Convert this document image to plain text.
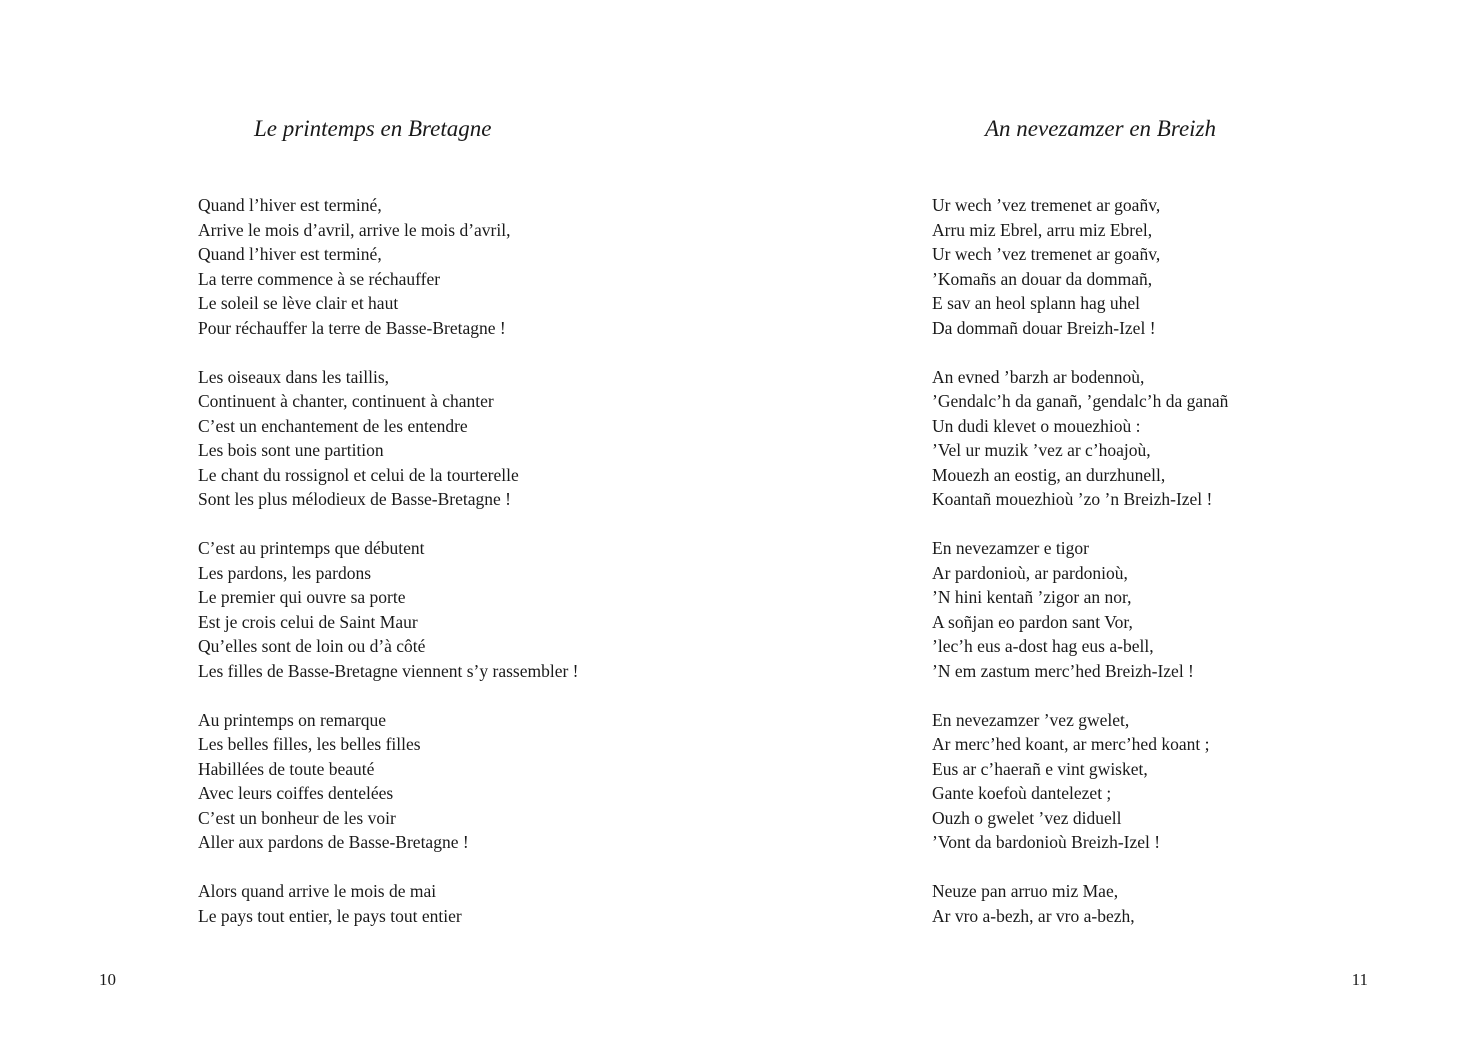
Le printemps en Bretagne

Quand l’hiver est terminé,
Arrive le mois d’avril, arrive le mois d’avril,
Quand l’hiver est terminé,
La terre commence à se réchauffer
Le soleil se lève clair et haut
Pour réchauffer la terre de Basse-Bretagne !

Les oiseaux dans les taillis,
Continuent à chanter, continuent à chanter
C’est un enchantement de les entendre
Les bois sont une partition
Le chant du rossignol et celui de la tourterelle
Sont les plus mélodieux de Basse-Bretagne !

C’est au printemps que débutent
Les pardons, les pardons
Le premier qui ouvre sa porte
Est je crois celui de Saint Maur
Qu’elles sont de loin ou d’à côté
Les filles de Basse-Bretagne viennent s’y rassembler !

Au printemps on remarque
Les belles filles, les belles filles
Habillées de toute beauté
Avec leurs coiffes dentelées
C’est un bonheur de les voir
Aller aux pardons de Basse-Bretagne !

Alors quand arrive le mois de mai
Le pays tout entier, le pays tout entier

10
An nevezamzer en Breizh

Ur wech ’vez tremenet ar goañv,
Arru miz Ebrel, arru miz Ebrel,
Ur wech ’vez tremenet ar goañv,
’Komañs an douar da dommañ,
E sav an heol splann hag uhel
Da dommañ douar Breizh-Izel !

An evned ’barzh ar bodennoù,
’Gendalc’h da ganañ, ’gendalc’h da ganañ
Un dudi klevet o mouezhioù :
’Vel ur muzik ’vez ar c’hoajoù,
Mouezh an eostig, an durzhunell,
Koantañ mouezhioù ’zo ’n Breizh-Izel !

En nevezamzer e tigor
Ar pardonioù, ar pardonioù,
’N hini kentañ ’zigor an nor,
A soñjan eo pardon sant Vor,
’lec’h eus a-dost hag eus a-bell,
’N em zastum merc’hed Breizh-Izel !

En nevezamzer ’vez gwelet,
Ar merc’hed koant, ar merc’hed koant ;
Eus ar c’haerañ e vint gwisket,
Gante koefoù dantelezet ;
Ouzh o gwelet ’vez diduell
’Vont da bardonioù Breizh-Izel !

Neuze pan arruo miz Mae,
Ar vro a-bezh, ar vro a-bezh,

11
